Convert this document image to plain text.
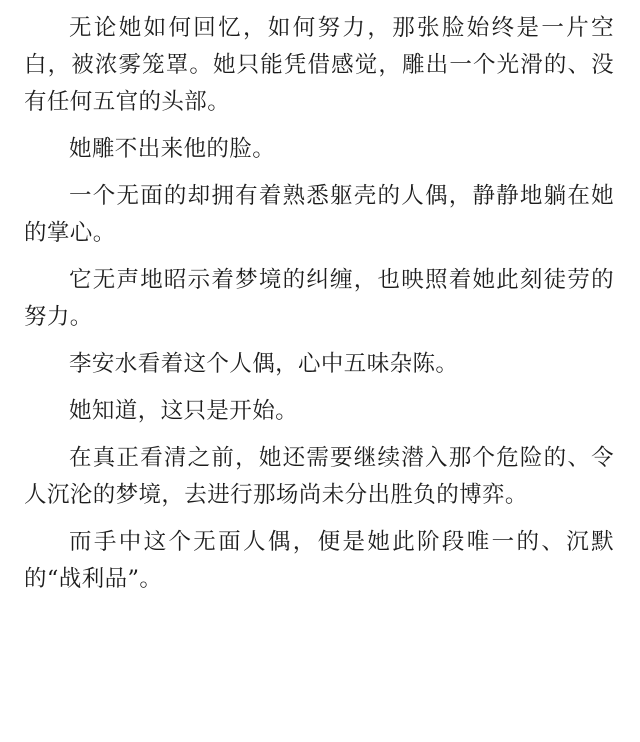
无论她如何回忆，如何努力，那张脸始终是一片空白，被浓雾笼罩。她只能凭借感觉，雕出一个光滑的、没有任何五官的头部。

她雕不出来他的脸。

一个无面的却拥有着熟悉躯壳的人偶，静静地躺在她的掌心。

它无声地昭示着梦境的纠缠，也映照着她此刻徒劳的努力。

李安水看着这个人偶，心中五味杂陈。

她知道，这只是开始。

在真正看清之前，她还需要继续潜入那个危险的、令人沉沦的梦境，去进行那场尚未分出胜负的博弈。

而手中这个无面人偶，便是她此阶段唯一的、沉默的“战利品”。
